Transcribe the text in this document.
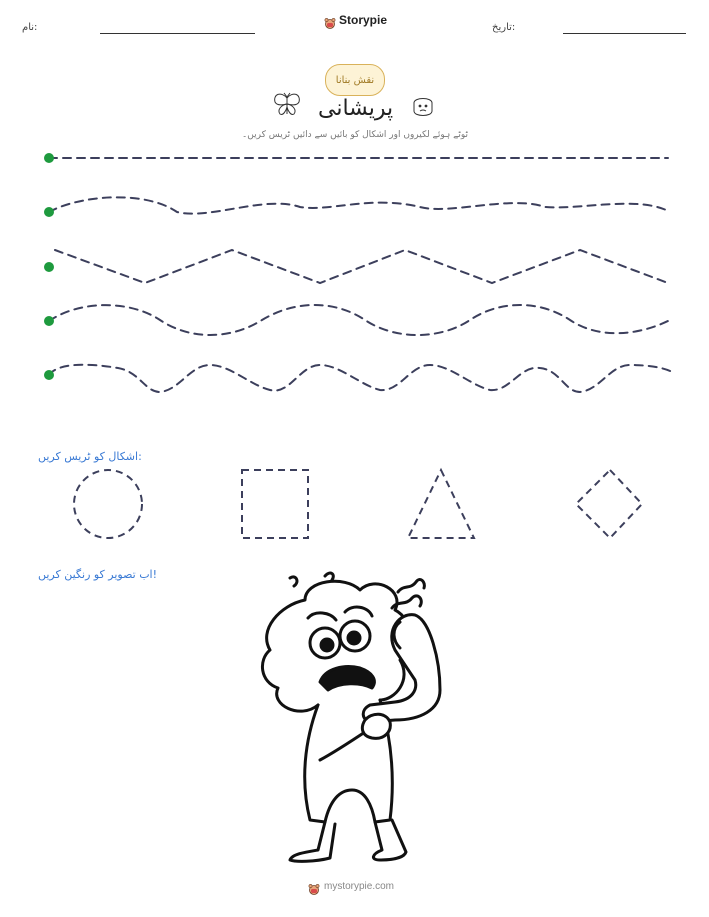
نام:
Storypie
تاریخ:
نقش بنانا
پریشانی
ٹوٹے ہوئے لکیروں اور اشکال کو بائیں سے دائیں ٹریس کریں۔
اشکال کو ٹریس کریں:
اب تصویر کو رنگین کریں!
mystorypie.com
